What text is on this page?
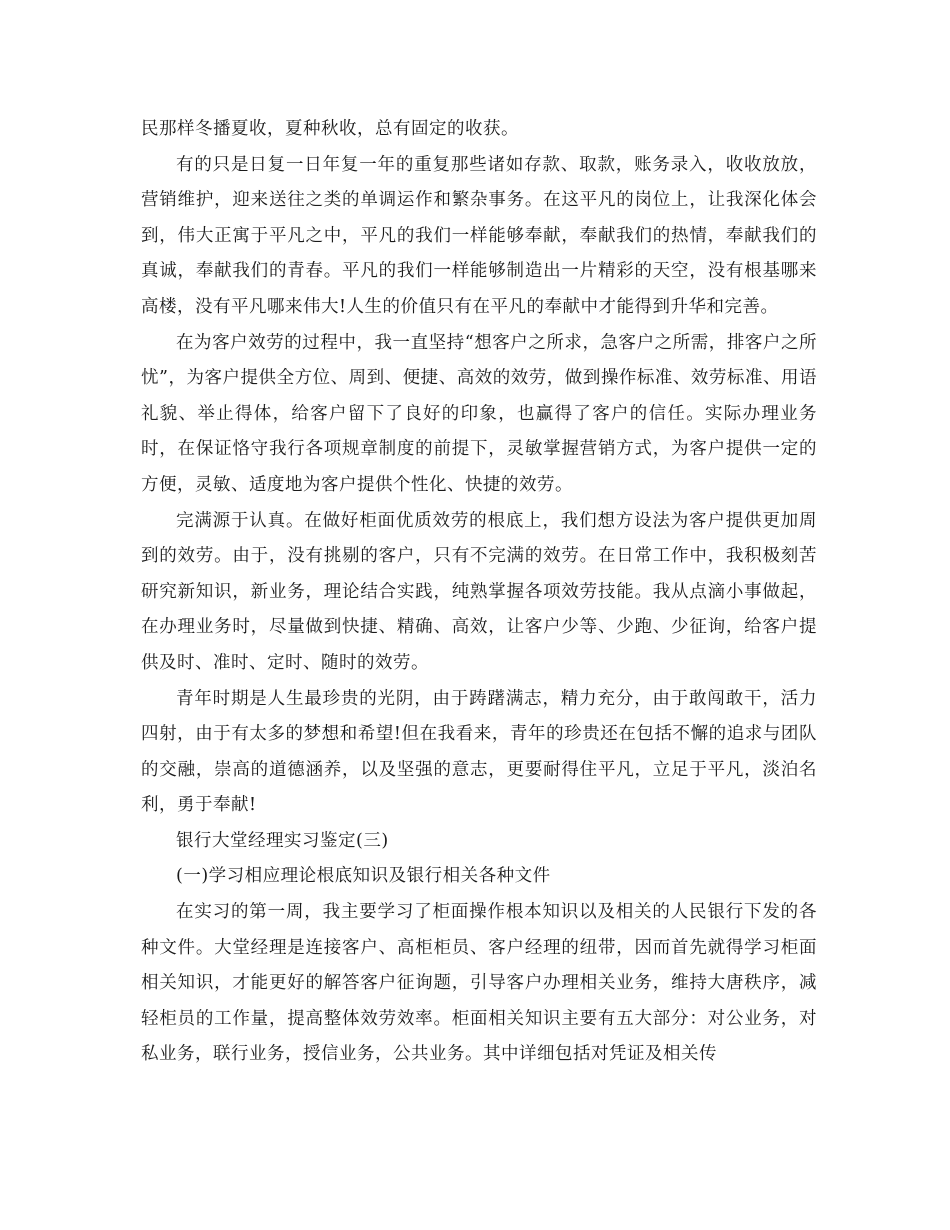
民那样冬播夏收，夏种秋收，总有固定的收获。

有的只是日复一日年复一年的重复那些诸如存款、取款，账务录入，收收放放，营销维护，迎来送往之类的单调运作和繁杂事务。在这平凡的岗位上，让我深化体会到，伟大正寓于平凡之中，平凡的我们一样能够奉献，奉献我们的热情，奉献我们的真诚，奉献我们的青春。平凡的我们一样能够制造出一片精彩的天空，没有根基哪来高楼，没有平凡哪来伟大!人生的价值只有在平凡的奉献中才能得到升华和完善。

在为客户效劳的过程中，我一直坚持“想客户之所求，急客户之所需，排客户之所忧”，为客户提供全方位、周到、便捷、高效的效劳，做到操作标准、效劳标准、用语礼貌、举止得体，给客户留下了良好的印象，也赢得了客户的信任。实际办理业务时，在保证恪守我行各项规章制度的前提下，灵敏掌握营销方式，为客户提供一定的方便，灵敏、适度地为客户提供个性化、快捷的效劳。

完满源于认真。在做好柜面优质效劳的根底上，我们想方设法为客户提供更加周到的效劳。由于，没有挑剔的客户，只有不完满的效劳。在日常工作中，我积极刻苦研究新知识，新业务，理论结合实践，纯熟掌握各项效劳技能。我从点滴小事做起，在办理业务时，尽量做到快捷、精确、高效，让客户少等、少跑、少征询，给客户提供及时、准时、定时、随时的效劳。

青年时期是人生最珍贵的光阴，由于踌躇满志，精力充分，由于敢闯敢干，活力四射，由于有太多的梦想和希望!但在我看来，青年的珍贵还在包括不懈的追求与团队的交融，崇高的道德涵养，以及坚强的意志，更要耐得住平凡，立足于平凡，淡泊名利，勇于奉献!

银行大堂经理实习鉴定(三)

(一)学习相应理论根底知识及银行相关各种文件

在实习的第一周，我主要学习了柜面操作根本知识以及相关的人民银行下发的各种文件。大堂经理是连接客户、高柜柜员、客户经理的纽带，因而首先就得学习柜面相关知识，才能更好的解答客户征询题，引导客户办理相关业务，维持大唐秩序，减轻柜员的工作量，提高整体效劳效率。柜面相关知识主要有五大部分：对公业务，对私业务，联行业务，授信业务，公共业务。其中详细包括对凭证及相关传
